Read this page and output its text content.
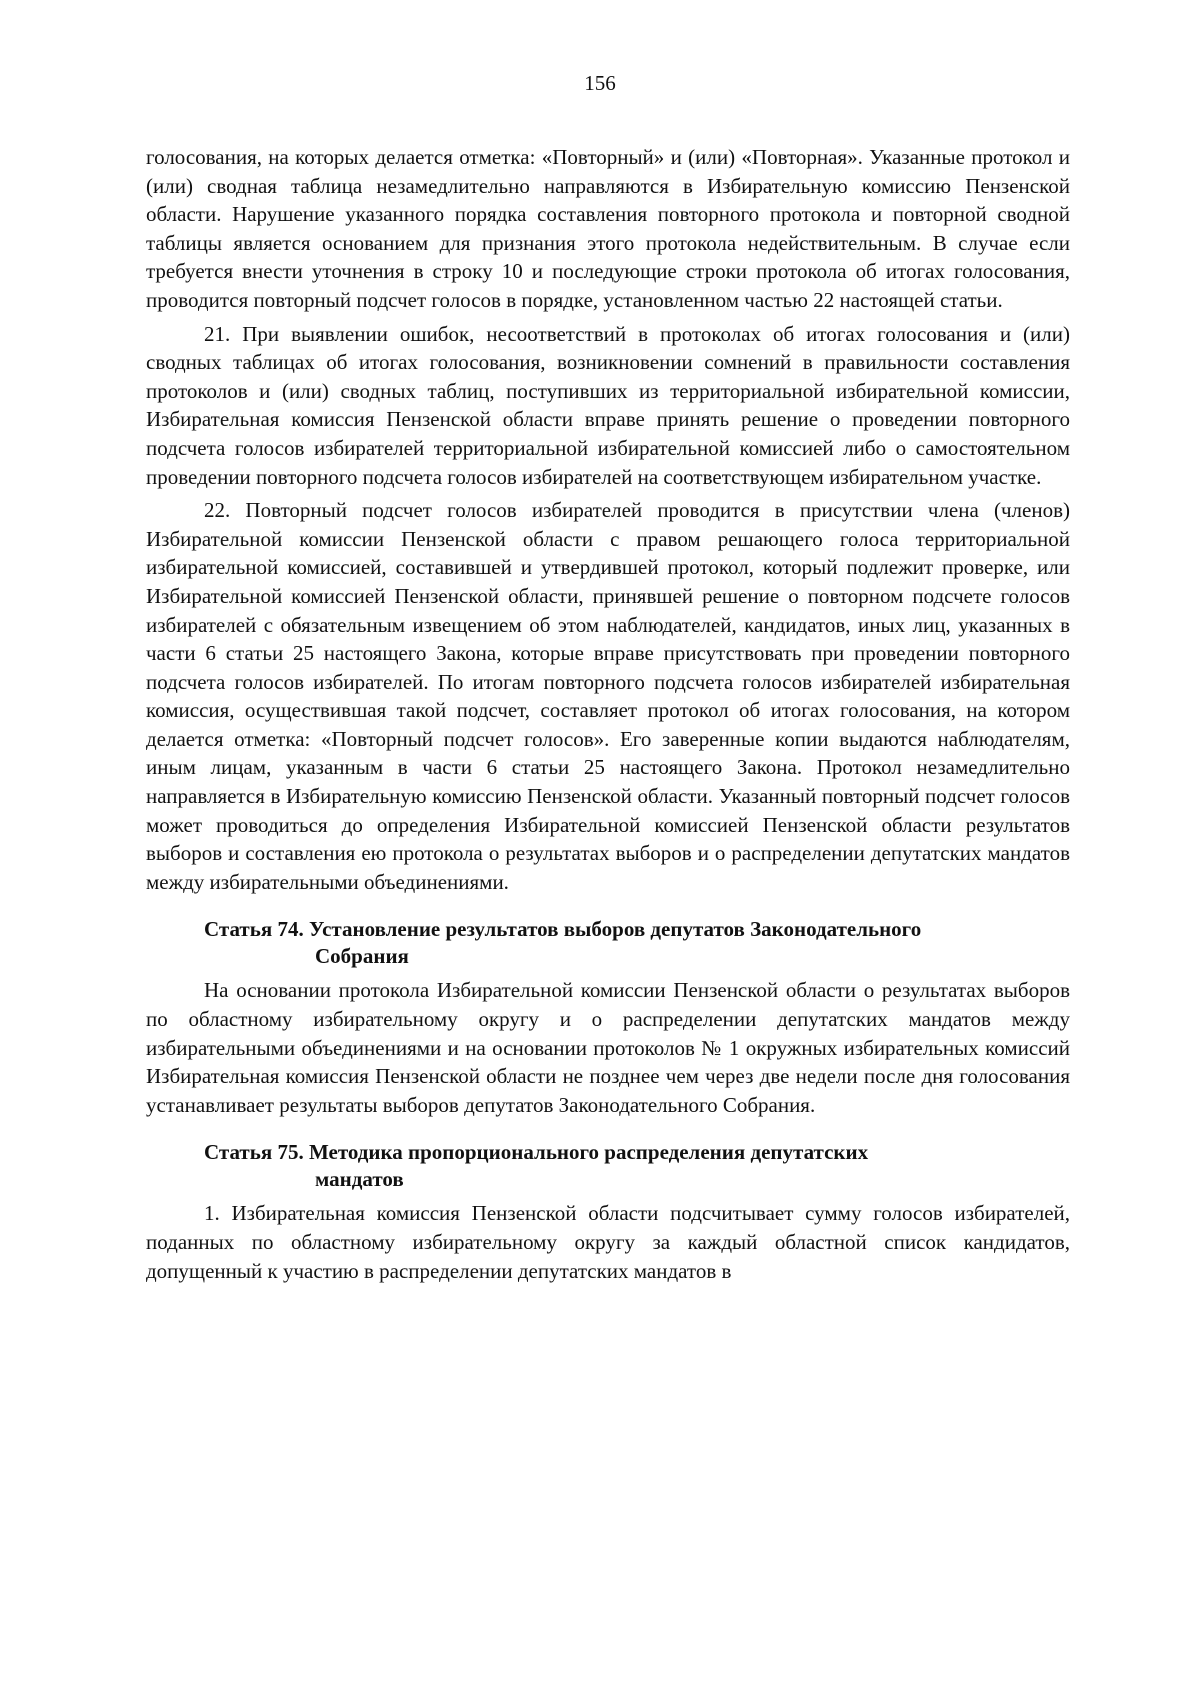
156

голосования, на которых делается отметка: «Повторный» и (или) «Повторная». Указанные протокол и (или) сводная таблица незамедлительно направляются в Избирательную комиссию Пензенской области. Нарушение указанного порядка составления повторного протокола и повторной сводной таблицы является основанием для признания этого протокола недействительным. В случае если требуется внести уточнения в строку 10 и последующие строки протокола об итогах голосования, проводится повторный подсчет голосов в порядке, установленном частью 22 настоящей статьи.

21. При выявлении ошибок, несоответствий в протоколах об итогах голосования и (или) сводных таблицах об итогах голосования, возникновении сомнений в правильности составления протоколов и (или) сводных таблиц, поступивших из территориальной избирательной комиссии, Избирательная комиссия Пензенской области вправе принять решение о проведении повторного подсчета голосов избирателей территориальной избирательной комиссией либо о самостоятельном проведении повторного подсчета голосов избирателей на соответствующем избирательном участке.

22. Повторный подсчет голосов избирателей проводится в присутствии члена (членов) Избирательной комиссии Пензенской области с правом решающего голоса территориальной избирательной комиссией, составившей и утвердившей протокол, который подлежит проверке, или Избирательной комиссией Пензенской области, принявшей решение о повторном подсчете голосов избирателей с обязательным извещением об этом наблюдателей, кандидатов, иных лиц, указанных в части 6 статьи 25 настоящего Закона, которые вправе присутствовать при проведении повторного подсчета голосов избирателей. По итогам повторного подсчета голосов избирателей избирательная комиссия, осуществившая такой подсчет, составляет протокол об итогах голосования, на котором делается отметка: «Повторный подсчет голосов». Его заверенные копии выдаются наблюдателям, иным лицам, указанным в части 6 статьи 25 настоящего Закона. Протокол незамедлительно направляется в Избирательную комиссию Пензенской области. Указанный повторный подсчет голосов может проводиться до определения Избирательной комиссией Пензенской области результатов выборов и составления ею протокола о результатах выборов и о распределении депутатских мандатов между избирательными объединениями.

Статья 74. Установление результатов выборов депутатов Законодательного
Собрания

На основании протокола Избирательной комиссии Пензенской области о результатах выборов по областному избирательному округу и о распределении депутатских мандатов между избирательными объединениями и на основании протоколов № 1 окружных избирательных комиссий Избирательная комиссия Пензенской области не позднее чем через две недели после дня голосования устанавливает результаты выборов депутатов Законодательного Собрания.

Статья 75. Методика пропорционального распределения депутатских
мандатов

1. Избирательная комиссия Пензенской области подсчитывает сумму голосов избирателей, поданных по областному избирательному округу за каждый областной список кандидатов, допущенный к участию в распределении депутатских мандатов в
